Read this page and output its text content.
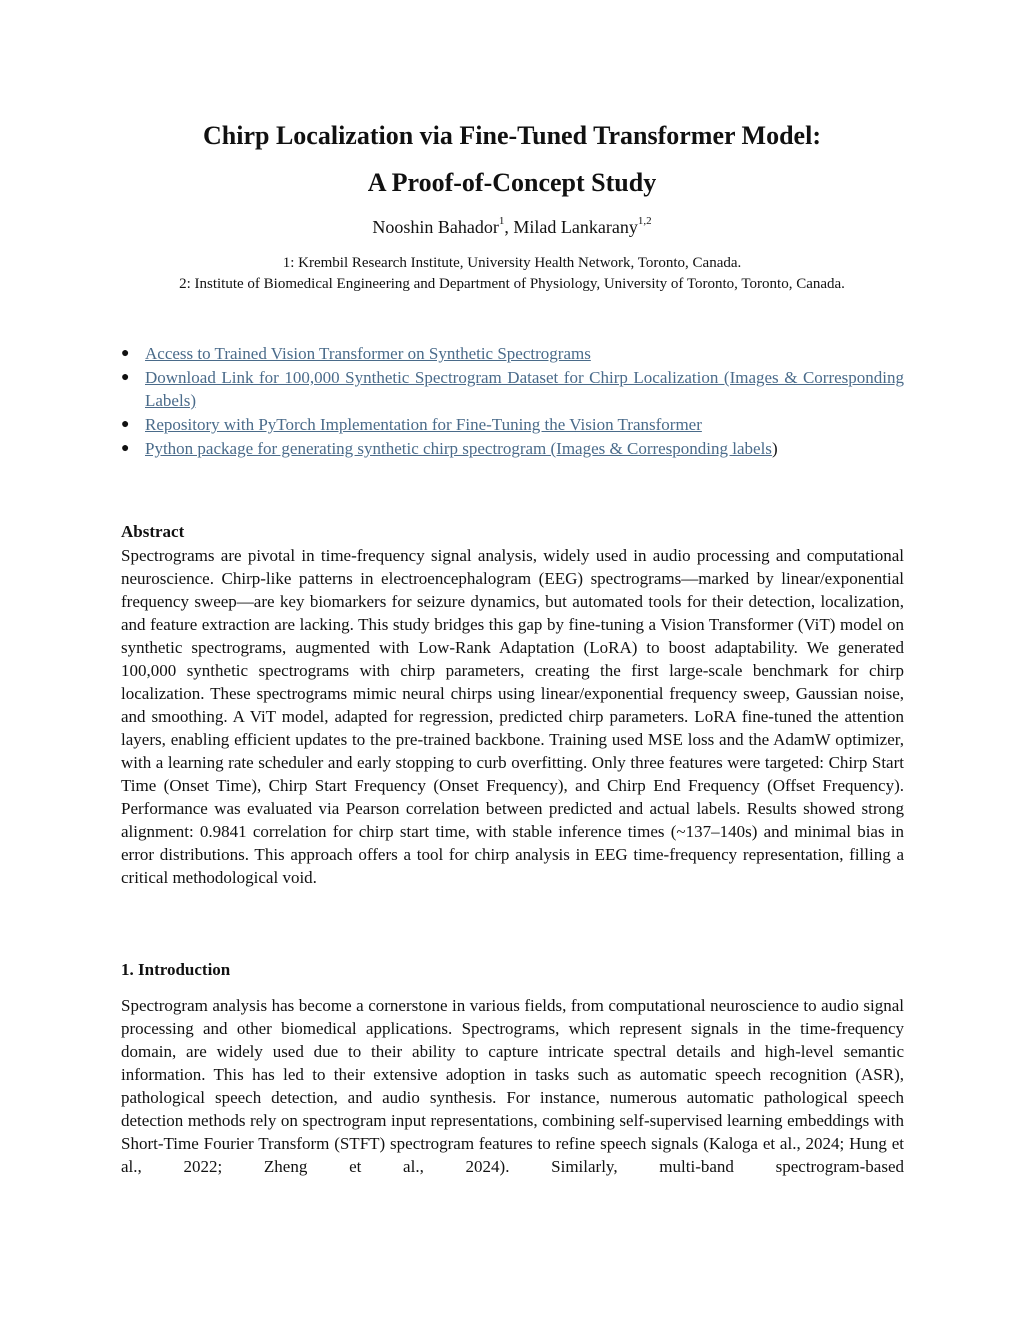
Chirp Localization via Fine-Tuned Transformer Model:
A Proof-of-Concept Study
Nooshin Bahador$^1$, Milad Lankarany$^{1,2}$
1: Krembil Research Institute, University Health Network, Toronto, Canada.
2: Institute of Biomedical Engineering and Department of Physiology, University of Toronto, Toronto, Canada.
● Access to Trained Vision Transformer on Synthetic Spectrograms
● Download Link for 100,000 Synthetic Spectrogram Dataset for Chirp Localization (Images & Corresponding Labels)
● Repository with PyTorch Implementation for Fine-Tuning the Vision Transformer
● Python package for generating synthetic chirp spectrogram (Images & Corresponding labels)
Abstract
Spectrograms are pivotal in time-frequency signal analysis, widely used in audio processing and computational neuroscience. Chirp-like patterns in electroencephalogram (EEG) spectrograms—marked by linear/exponential frequency sweep—are key biomarkers for seizure dynamics, but automated tools for their detection, localization, and feature extraction are lacking. This study bridges this gap by fine-tuning a Vision Transformer (ViT) model on synthetic spectrograms, augmented with Low-Rank Adaptation (LoRA) to boost adaptability. We generated 100,000 synthetic spectrograms with chirp parameters, creating the first large-scale benchmark for chirp localization. These spectrograms mimic neural chirps using linear/exponential frequency sweep, Gaussian noise, and smoothing. A ViT model, adapted for regression, predicted chirp parameters. LoRA fine-tuned the attention layers, enabling efficient updates to the pre-trained backbone. Training used MSE loss and the AdamW optimizer, with a learning rate scheduler and early stopping to curb overfitting. Only three features were targeted: Chirp Start Time (Onset Time), Chirp Start Frequency (Onset Frequency), and Chirp End Frequency (Offset Frequency). Performance was evaluated via Pearson correlation between predicted and actual labels. Results showed strong alignment: 0.9841 correlation for chirp start time, with stable inference times (~137–140s) and minimal bias in error distributions. This approach offers a tool for chirp analysis in EEG time-frequency representation, filling a critical methodological void.
1. Introduction
Spectrogram analysis has become a cornerstone in various fields, from computational neuroscience to audio signal processing and other biomedical applications. Spectrograms, which represent signals in the time-frequency domain, are widely used due to their ability to capture intricate spectral details and high-level semantic information. This has led to their extensive adoption in tasks such as automatic speech recognition (ASR), pathological speech detection, and audio synthesis. For instance, numerous automatic pathological speech detection methods rely on spectrogram input representations, combining self-supervised learning embeddings with Short-Time Fourier Transform (STFT) spectrogram features to refine speech signals (Kaloga et al., 2024; Hung et al., 2022; Zheng et al., 2024). Similarly, multi-band spectrogram-based
